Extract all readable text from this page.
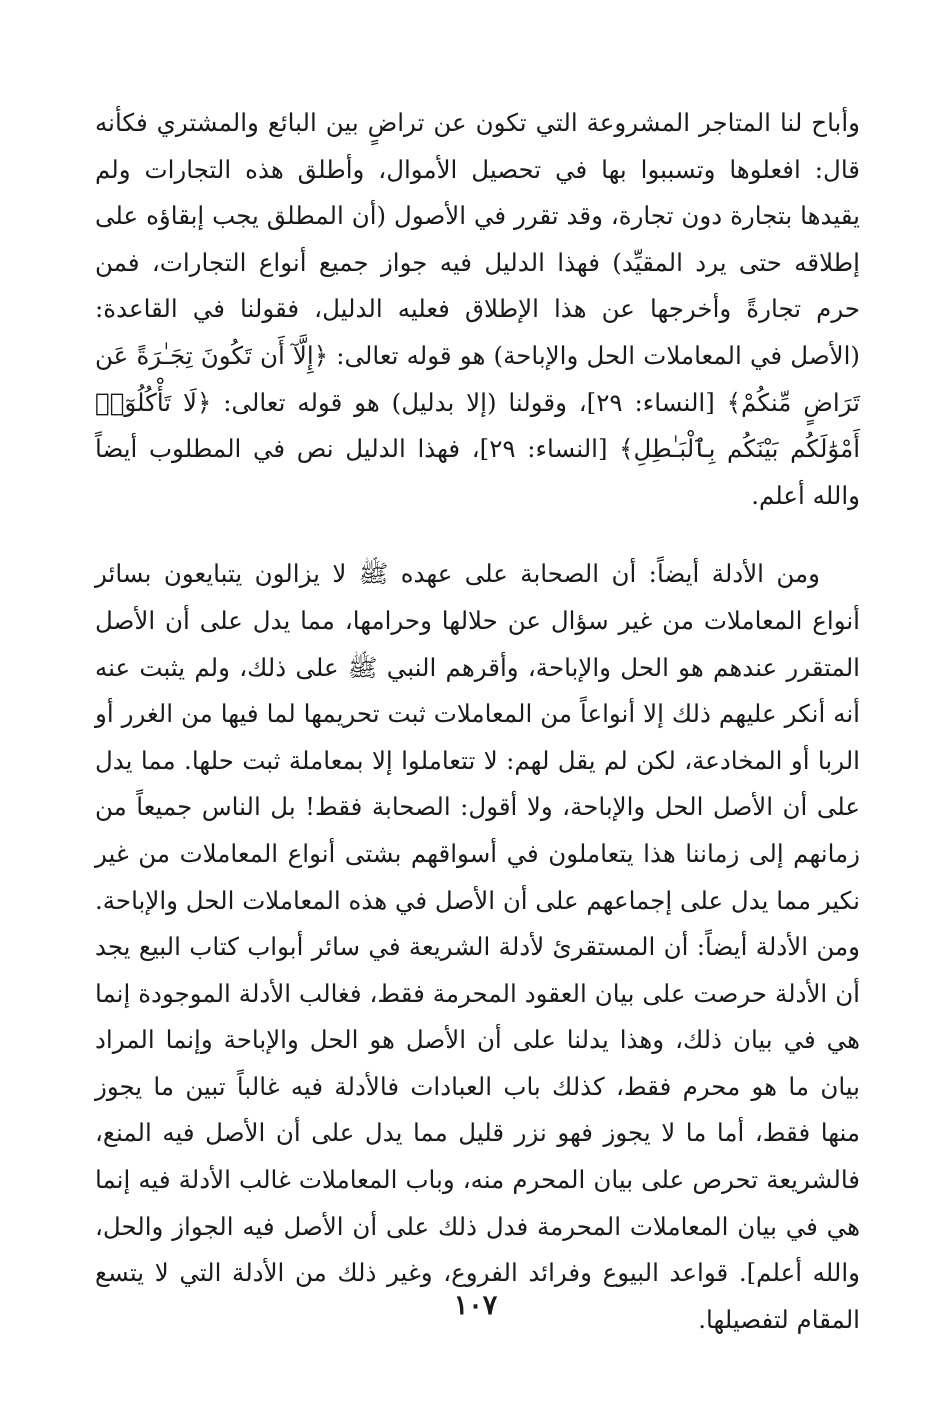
وأباح لنا المتاجر المشروعة التي تكون عن تراضٍ بين البائع والمشتري فكأنه قال: افعلوها وتسببوا بها في تحصيل الأموال، وأطلق هذه التجارات ولم يقيدها بتجارة دون تجارة، وقد تقرر في الأصول (أن المطلق يجب إبقاؤه على إطلاقه حتى يرد المقيِّد) فهذا الدليل فيه جواز جميع أنواع التجارات، فمن حرم تجارةً وأخرجها عن هذا الإطلاق فعليه الدليل، فقولنا في القاعدة: (الأصل في المعاملات الحل والإباحة) هو قوله تعالى: ﴿إِلَّآ أَن تَكُونَ تِجَـٰرَةً عَن تَرَاضٍ مِّنكُمْ﴾ [النساء: ٢٩]، وقولنا (إلا بدليل) هو قوله تعالى: ﴿لَا تَأْكُلُوٓا۟ أَمْوَٰلَكُم بَيْنَكُم بِٱلْبَـٰطِلِ﴾ [النساء: ٢٩]، فهذا الدليل نص في المطلوب أيضاً والله أعلم.

ومن الأدلة أيضاً: أن الصحابة على عهده ﷺ لا يزالون يتبايعون بسائر أنواع المعاملات من غير سؤال عن حلالها وحرامها، مما يدل على أن الأصل المتقرر عندهم هو الحل والإباحة، وأقرهم النبي ﷺ على ذلك، ولم يثبت عنه أنه أنكر عليهم ذلك إلا أنواعاً من المعاملات ثبت تحريمها لما فيها من الغرر أو الربا أو المخادعة، لكن لم يقل لهم: لا تتعاملوا إلا بمعاملة ثبت حلها. مما يدل على أن الأصل الحل والإباحة، ولا أقول: الصحابة فقط! بل الناس جميعاً من زمانهم إلى زماننا هذا يتعاملون في أسواقهم بشتى أنواع المعاملات من غير نكير مما يدل على إجماعهم على أن الأصل في هذه المعاملات الحل والإباحة. ومن الأدلة أيضاً: أن المستقرئ لأدلة الشريعة في سائر أبواب كتاب البيع يجد أن الأدلة حرصت على بيان العقود المحرمة فقط، فغالب الأدلة الموجودة إنما هي في بيان ذلك، وهذا يدلنا على أن الأصل هو الحل والإباحة وإنما المراد بيان ما هو محرم فقط، كذلك باب العبادات فالأدلة فيه غالباً تبين ما يجوز منها فقط، أما ما لا يجوز فهو نزر قليل مما يدل على أن الأصل فيه المنع، فالشريعة تحرص على بيان المحرم منه، وباب المعاملات غالب الأدلة فيه إنما هي في بيان المعاملات المحرمة فدل ذلك على أن الأصل فيه الجواز والحل، والله أعلم]. قواعد البيوع وفرائد الفروع، وغير ذلك من الأدلة التي لا يتسع المقام لتفصيلها.

١٠٧
